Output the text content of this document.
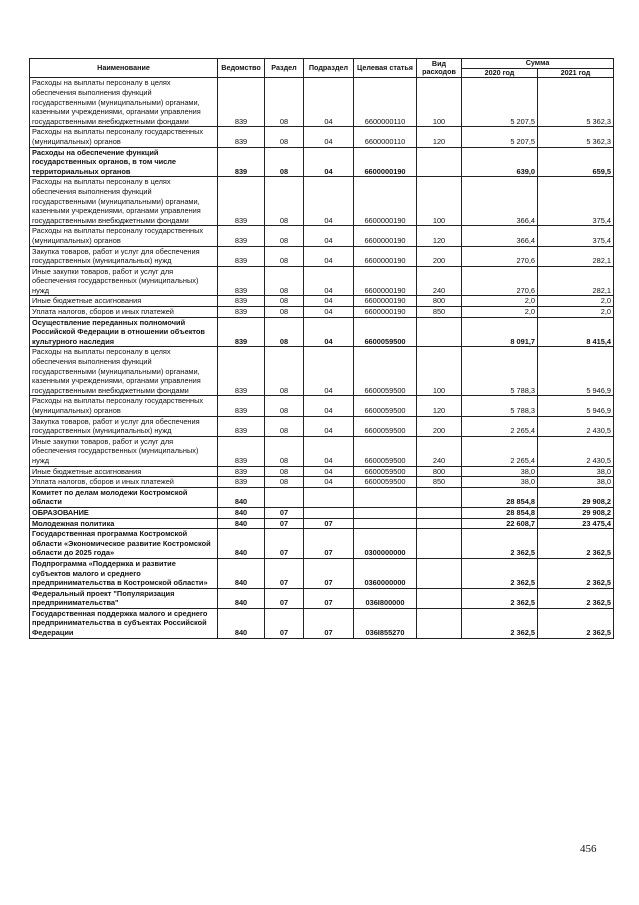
Наименование	Ведомство	Раздел	Подраздел	Целевая статья	Вид расходов	Сумма	
						2020 год	2021 год
Расходы на выплаты персоналу в целях обеспечения выполнения функций государственными (муниципальными) органами, казенными учреждениями, органами управления государственными внебюджетными фондами	839	08	04	6600000110	100	5 207,5	5 362,3
Расходы на выплаты персоналу государственных (муниципальных) органов	839	08	04	6600000110	120	5 207,5	5 362,3
Расходы на обеспечение функций государственных органов, в том числе территориальных органов	839	08	04	6600000190		639,0	659,5
Расходы на выплаты персоналу в целях обеспечения выполнения функций государственными (муниципальными) органами, казенными учреждениями, органами управления государственными внебюджетными фондами	839	08	04	6600000190	100	366,4	375,4
Расходы на выплаты персоналу государственных (муниципальных) органов	839	08	04	6600000190	120	366,4	375,4
Закупка товаров, работ и услуг для обеспечения государственных (муниципальных) нужд	839	08	04	6600000190	200	270,6	282,1
Иные закупки товаров, работ и услуг для обеспечения государственных (муниципальных) нужд	839	08	04	6600000190	240	270,6	282,1
Иные бюджетные ассигнования	839	08	04	6600000190	800	2,0	2,0
Уплата налогов, сборов и иных платежей	839	08	04	6600000190	850	2,0	2,0
Осуществление переданных полномочий Российской Федерации в отношении объектов культурного наследия	839	08	04	6600059500		8 091,7	8 415,4
Расходы на выплаты персоналу в целях обеспечения выполнения функций государственными (муниципальными) органами, казенными учреждениями, органами управления государственными внебюджетными фондами	839	08	04	6600059500	100	5 788,3	5 946,9
Расходы на выплаты персоналу государственных (муниципальных) органов	839	08	04	6600059500	120	5 788,3	5 946,9
Закупка товаров, работ и услуг для обеспечения государственных (муниципальных) нужд	839	08	04	6600059500	200	2 265,4	2 430,5
Иные закупки товаров, работ и услуг для обеспечения государственных (муниципальных) нужд	839	08	04	6600059500	240	2 265,4	2 430,5
Иные бюджетные ассигнования	839	08	04	6600059500	800	38,0	38,0
Уплата налогов, сборов и иных платежей	839	08	04	6600059500	850	38,0	38,0
Комитет по делам молодежи Костромской области	840					28 854,8	29 908,2
ОБРАЗОВАНИЕ	840	07				28 854,8	29 908,2
Молодежная политика	840	07	07			22 608,7	23 475,4
Государственная программа Костромской области «Экономическое развитие Костромской области до 2025 года»	840	07	07	0300000000		2 362,5	2 362,5
Подпрограмма «Поддержка и развитие субъектов малого и среднего предпринимательства в Костромской области»	840	07	07	0360000000		2 362,5	2 362,5
Федеральный проект "Популяризация предпринимательства"	840	07	07	036I800000		2 362,5	2 362,5
Государственная поддержка малого и среднего предпринимательства в субъектах Российской Федерации	840	07	07	036I855270		2 362,5	2 362,5
456
